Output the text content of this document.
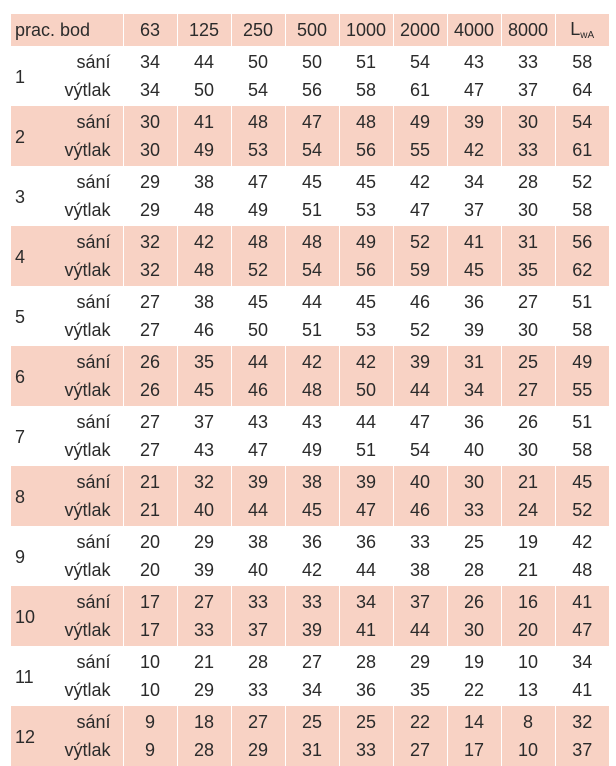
prac. bod		63	125	250	500	1000	2000	4000	8000	$L_{wA}$
1	sání	34	44	50	50	51	54	43	33	58
	výtlak	34	50	54	56	58	61	47	37	64
2	sání	30	41	48	47	48	49	39	30	54
	výtlak	30	49	53	54	56	55	42	33	61
3	sání	29	38	47	45	45	42	34	28	52
	výtlak	29	48	49	51	53	47	37	30	58
4	sání	32	42	48	48	49	52	41	31	56
	výtlak	32	48	52	54	56	59	45	35	62
5	sání	27	38	45	44	45	46	36	27	51
	výtlak	27	46	50	51	53	52	39	30	58
6	sání	26	35	44	42	42	39	31	25	49
	výtlak	26	45	46	48	50	44	34	27	55
7	sání	27	37	43	43	44	47	36	26	51
	výtlak	27	43	47	49	51	54	40	30	58
8	sání	21	32	39	38	39	40	30	21	45
	výtlak	21	40	44	45	47	46	33	24	52
9	sání	20	29	38	36	36	33	25	19	42
	výtlak	20	39	40	42	44	38	28	21	48
10	sání	17	27	33	33	34	37	26	16	41
	výtlak	17	33	37	39	41	44	30	20	47
11	sání	10	21	28	27	28	29	19	10	34
	výtlak	10	29	33	34	36	35	22	13	41
12	sání	9	18	27	25	25	22	14	8	32
	výtlak	9	28	29	31	33	27	17	10	37
